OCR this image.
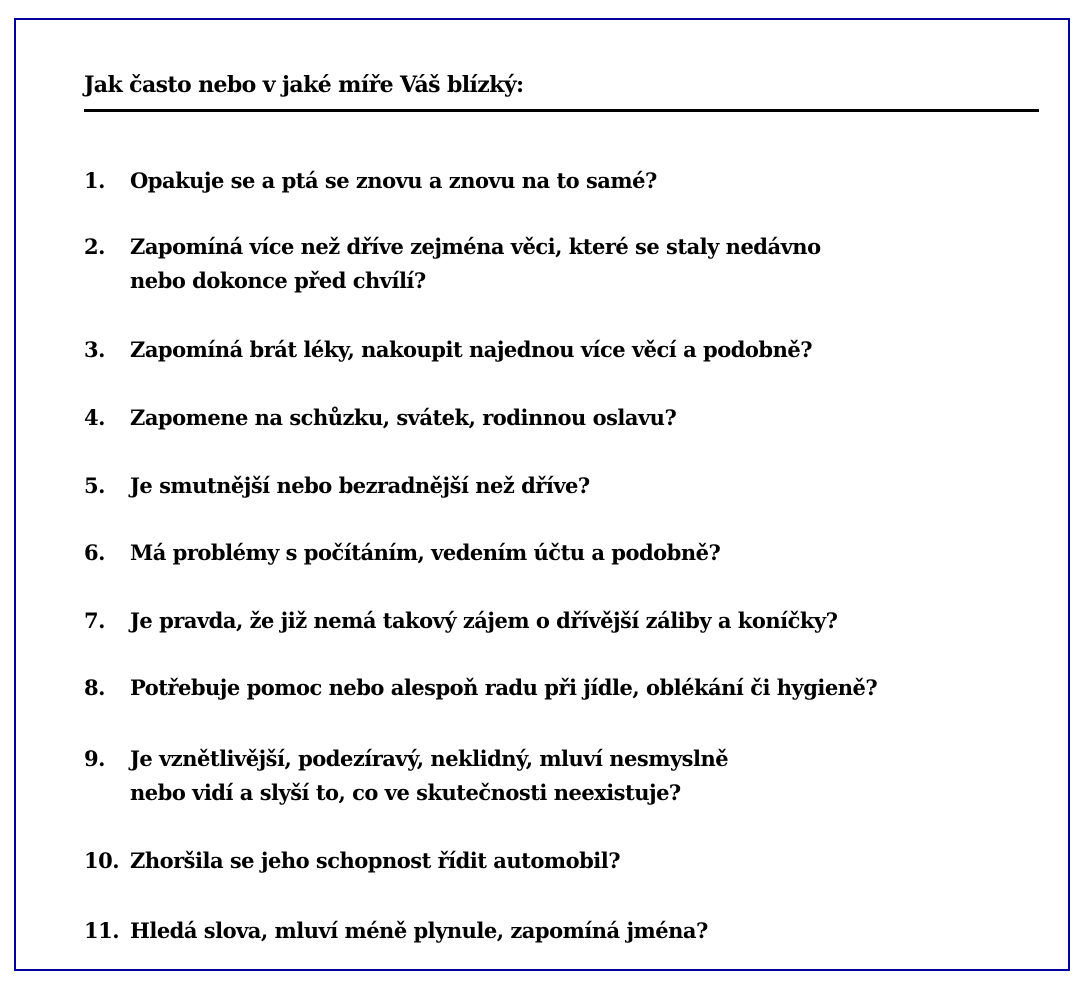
Jak často nebo v jaké míře Váš blízký:
1.	Opakuje se a ptá se znovu a znovu na to samé?
2.	Zapomíná více než dříve zejména věci, které se staly nedávno
nebo dokonce před chvílí?
3.	Zapomíná brát léky, nakoupit najednou více věcí a podobně?
4.	Zapomene na schůzku, svátek, rodinnou oslavu?
5.	Je smutnější nebo bezradnější než dříve?
6.	Má problémy s počítáním, vedením účtu a podobně?
7.	Je pravda, že již nemá takový zájem o dřívější záliby a koníčky?
8.	Potřebuje pomoc nebo alespoň radu při jídle, oblékání či hygieně?
9.	Je vznětlivější, podezíravý, neklidný, mluví nesmyslně
nebo vidí a slyší to, co ve skutečnosti neexistuje?
10. Zhoršila se jeho schopnost řídit automobil?
11. Hledá slova, mluví méně plynule, zapomíná jména?
